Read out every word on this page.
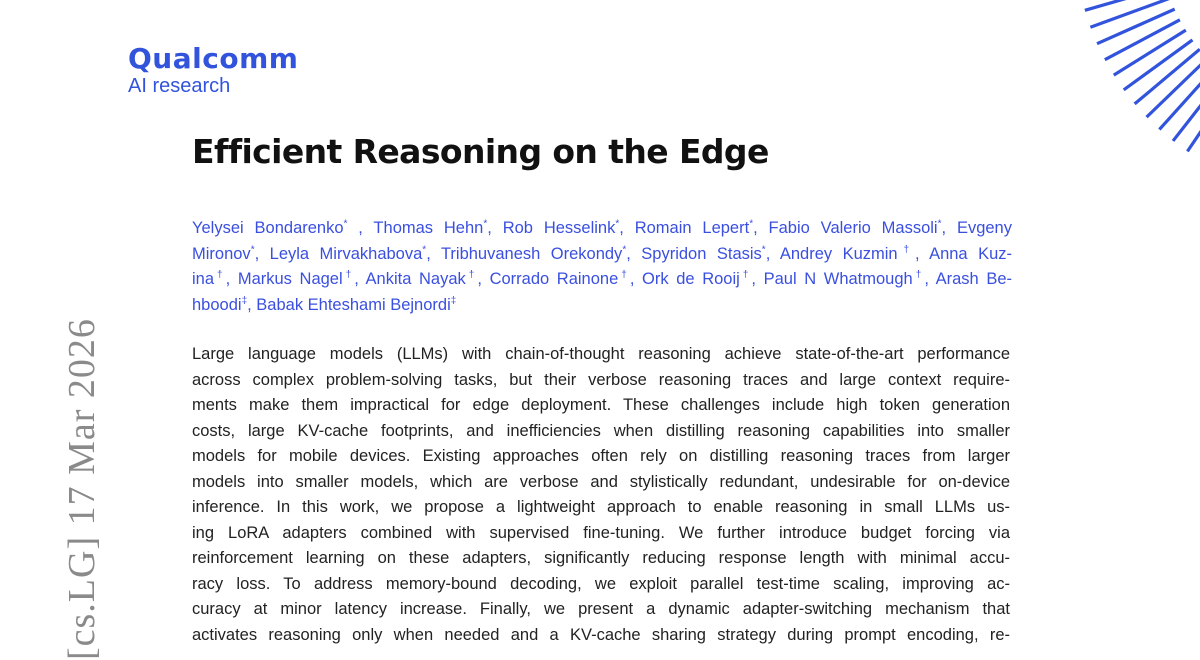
Qualcomm
AI research
Efficient Reasoning on the Edge
Yelysei Bondarenko* , Thomas Hehn*, Rob Hesselink*, Romain Lepert*, Fabio Valerio Massoli*, Evgeny
Mironov*, Leyla Mirvakhabova*, Tribhuvanesh Orekondy*, Spyridon Stasis*, Andrey Kuzmin†, Anna Kuz-
ina†, Markus Nagel†, Ankita Nayak†, Corrado Rainone†, Ork de Rooij†, Paul N Whatmough†, Arash Be-
hboodi‡, Babak Ehteshami Bejnordi‡
Large language models (LLMs) with chain-of-thought reasoning achieve state-of-the-art performance
across complex problem-solving tasks, but their verbose reasoning traces and large context require-
ments make them impractical for edge deployment. These challenges include high token generation
costs, large KV-cache footprints, and inefficiencies when distilling reasoning capabilities into smaller
models for mobile devices. Existing approaches often rely on distilling reasoning traces from larger
models into smaller models, which are verbose and stylistically redundant, undesirable for on-device
inference. In this work, we propose a lightweight approach to enable reasoning in small LLMs us-
ing LoRA adapters combined with supervised fine-tuning. We further introduce budget forcing via
reinforcement learning on these adapters, significantly reducing response length with minimal accu-
racy loss. To address memory-bound decoding, we exploit parallel test-time scaling, improving ac-
curacy at minor latency increase. Finally, we present a dynamic adapter-switching mechanism that
activates reasoning only when needed and a KV-cache sharing strategy during prompt encoding, re-
[cs.LG] 17 Mar 2026
